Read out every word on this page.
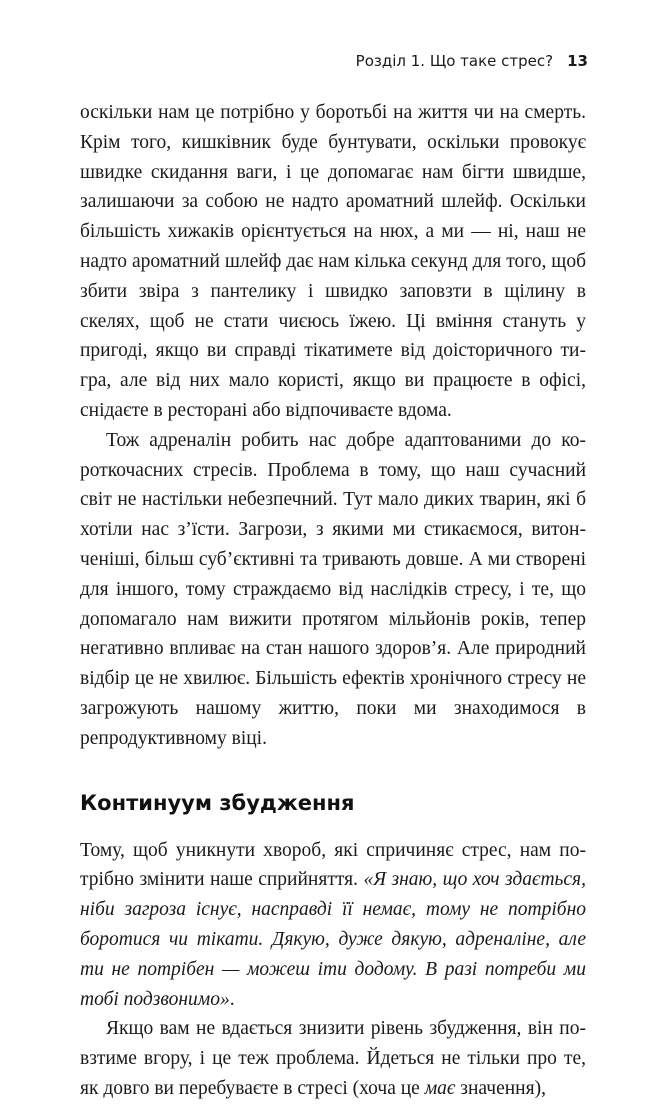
Розділ 1. Що таке стрес? 13

оскільки нам це потрібно у боротьбі на життя чи на смерть. Крім того, кишківник буде бунтувати, оскільки провокує швидке скидання ваги, і це допомагає нам бігти швидше, залишаючи за собою не надто ароматний шлейф. Оскільки більшість хижаків орієнтується на нюх, а ми — ні, наш не надто ароматний шлейф дає нам кілька секунд для того, щоб збити звіра з пантелику і швидко заповзти в щілину в скелях, щоб не стати чиєюсь їжею. Ці вміння стануть у пригоді, якщо ви справді тікатимете від доісторичного тигра, але від них мало користі, якщо ви працюєте в офісі, снідаєте в ресторані або відпочиваєте вдома.

Тож адреналін робить нас добре адаптованими до короткочасних стресів. Проблема в тому, що наш сучасний світ не настільки небезпечний. Тут мало диких тварин, які б хотіли нас з’їсти. Загрози, з якими ми стикаємося, витонченіші, більш суб’єктивні та тривають довше. А ми створені для іншого, тому страждаємо від наслідків стресу, і те, що допомагало нам вижити протягом мільйонів років, тепер негативно впливає на стан нашого здоров’я. Але природний відбір це не хвилює. Більшість ефектів хронічного стресу не загрожують нашому життю, поки ми знаходимося в репродуктивному віці.

Континуум збудження

Тому, щоб уникнути хвороб, які спричиняє стрес, нам потрібно змінити наше сприйняття. «Я знаю, що хоч здається, ніби загроза існує, насправді її немає, тому не потрібно боротися чи тікати. Дякую, дуже дякую, адреналіне, але ти не потрібен — можеш іти додому. В разі потреби ми тобі подзвонимо».

Якщо вам не вдається знизити рівень збудження, він повзтиме вгору, і це теж проблема. Йдеться не тільки про те, як довго ви перебуваєте в стресі (хоча це має значення),
